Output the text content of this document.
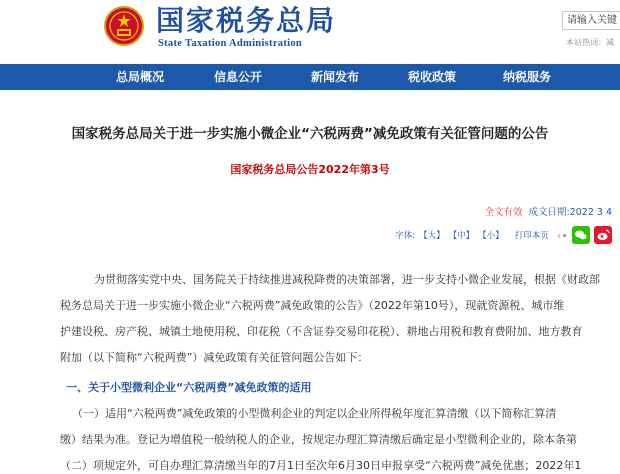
国家税务总局
State Taxation Administration
请输入关键
本站热词：减
总局概况	信息公开	新闻发布	税收政策	纳税服务
国家税务总局关于进一步实施小微企业“六税两费”减免政策有关征管问题的公告
国家税务总局公告2022年第3号
全文有效 成文日期:2022 3 4
字体: 【大】 【中】 【小】 打印本页 ‹∙
为贯彻落实党中央、国务院关于持续推进减税降费的决策部署，进一步支持小微企业发展，根据《财政部
税务总局关于进一步实施小微企业“六税两费”减免政策的公告》（2022年第10号），现就资源税、城市维
护建设税、房产税、城镇土地使用税、印花税（不含证券交易印花税）、耕地占用税和教育费附加、地方教育
附加（以下简称“六税两费”）减免政策有关征管问题公告如下：
一、关于小型微利企业“六税两费”减免政策的适用
（一）适用“六税两费”减免政策的小型微利企业的判定以企业所得税年度汇算清缴（以下简称汇算清
缴）结果为准。登记为增值税一般纳税人的企业，按规定办理汇算清缴后确定是小型微利企业的，除本条第
（二）项规定外，可自办理汇算清缴当年的7月1日至次年6月30日申报享受“六税两费”减免优惠；2022年1
